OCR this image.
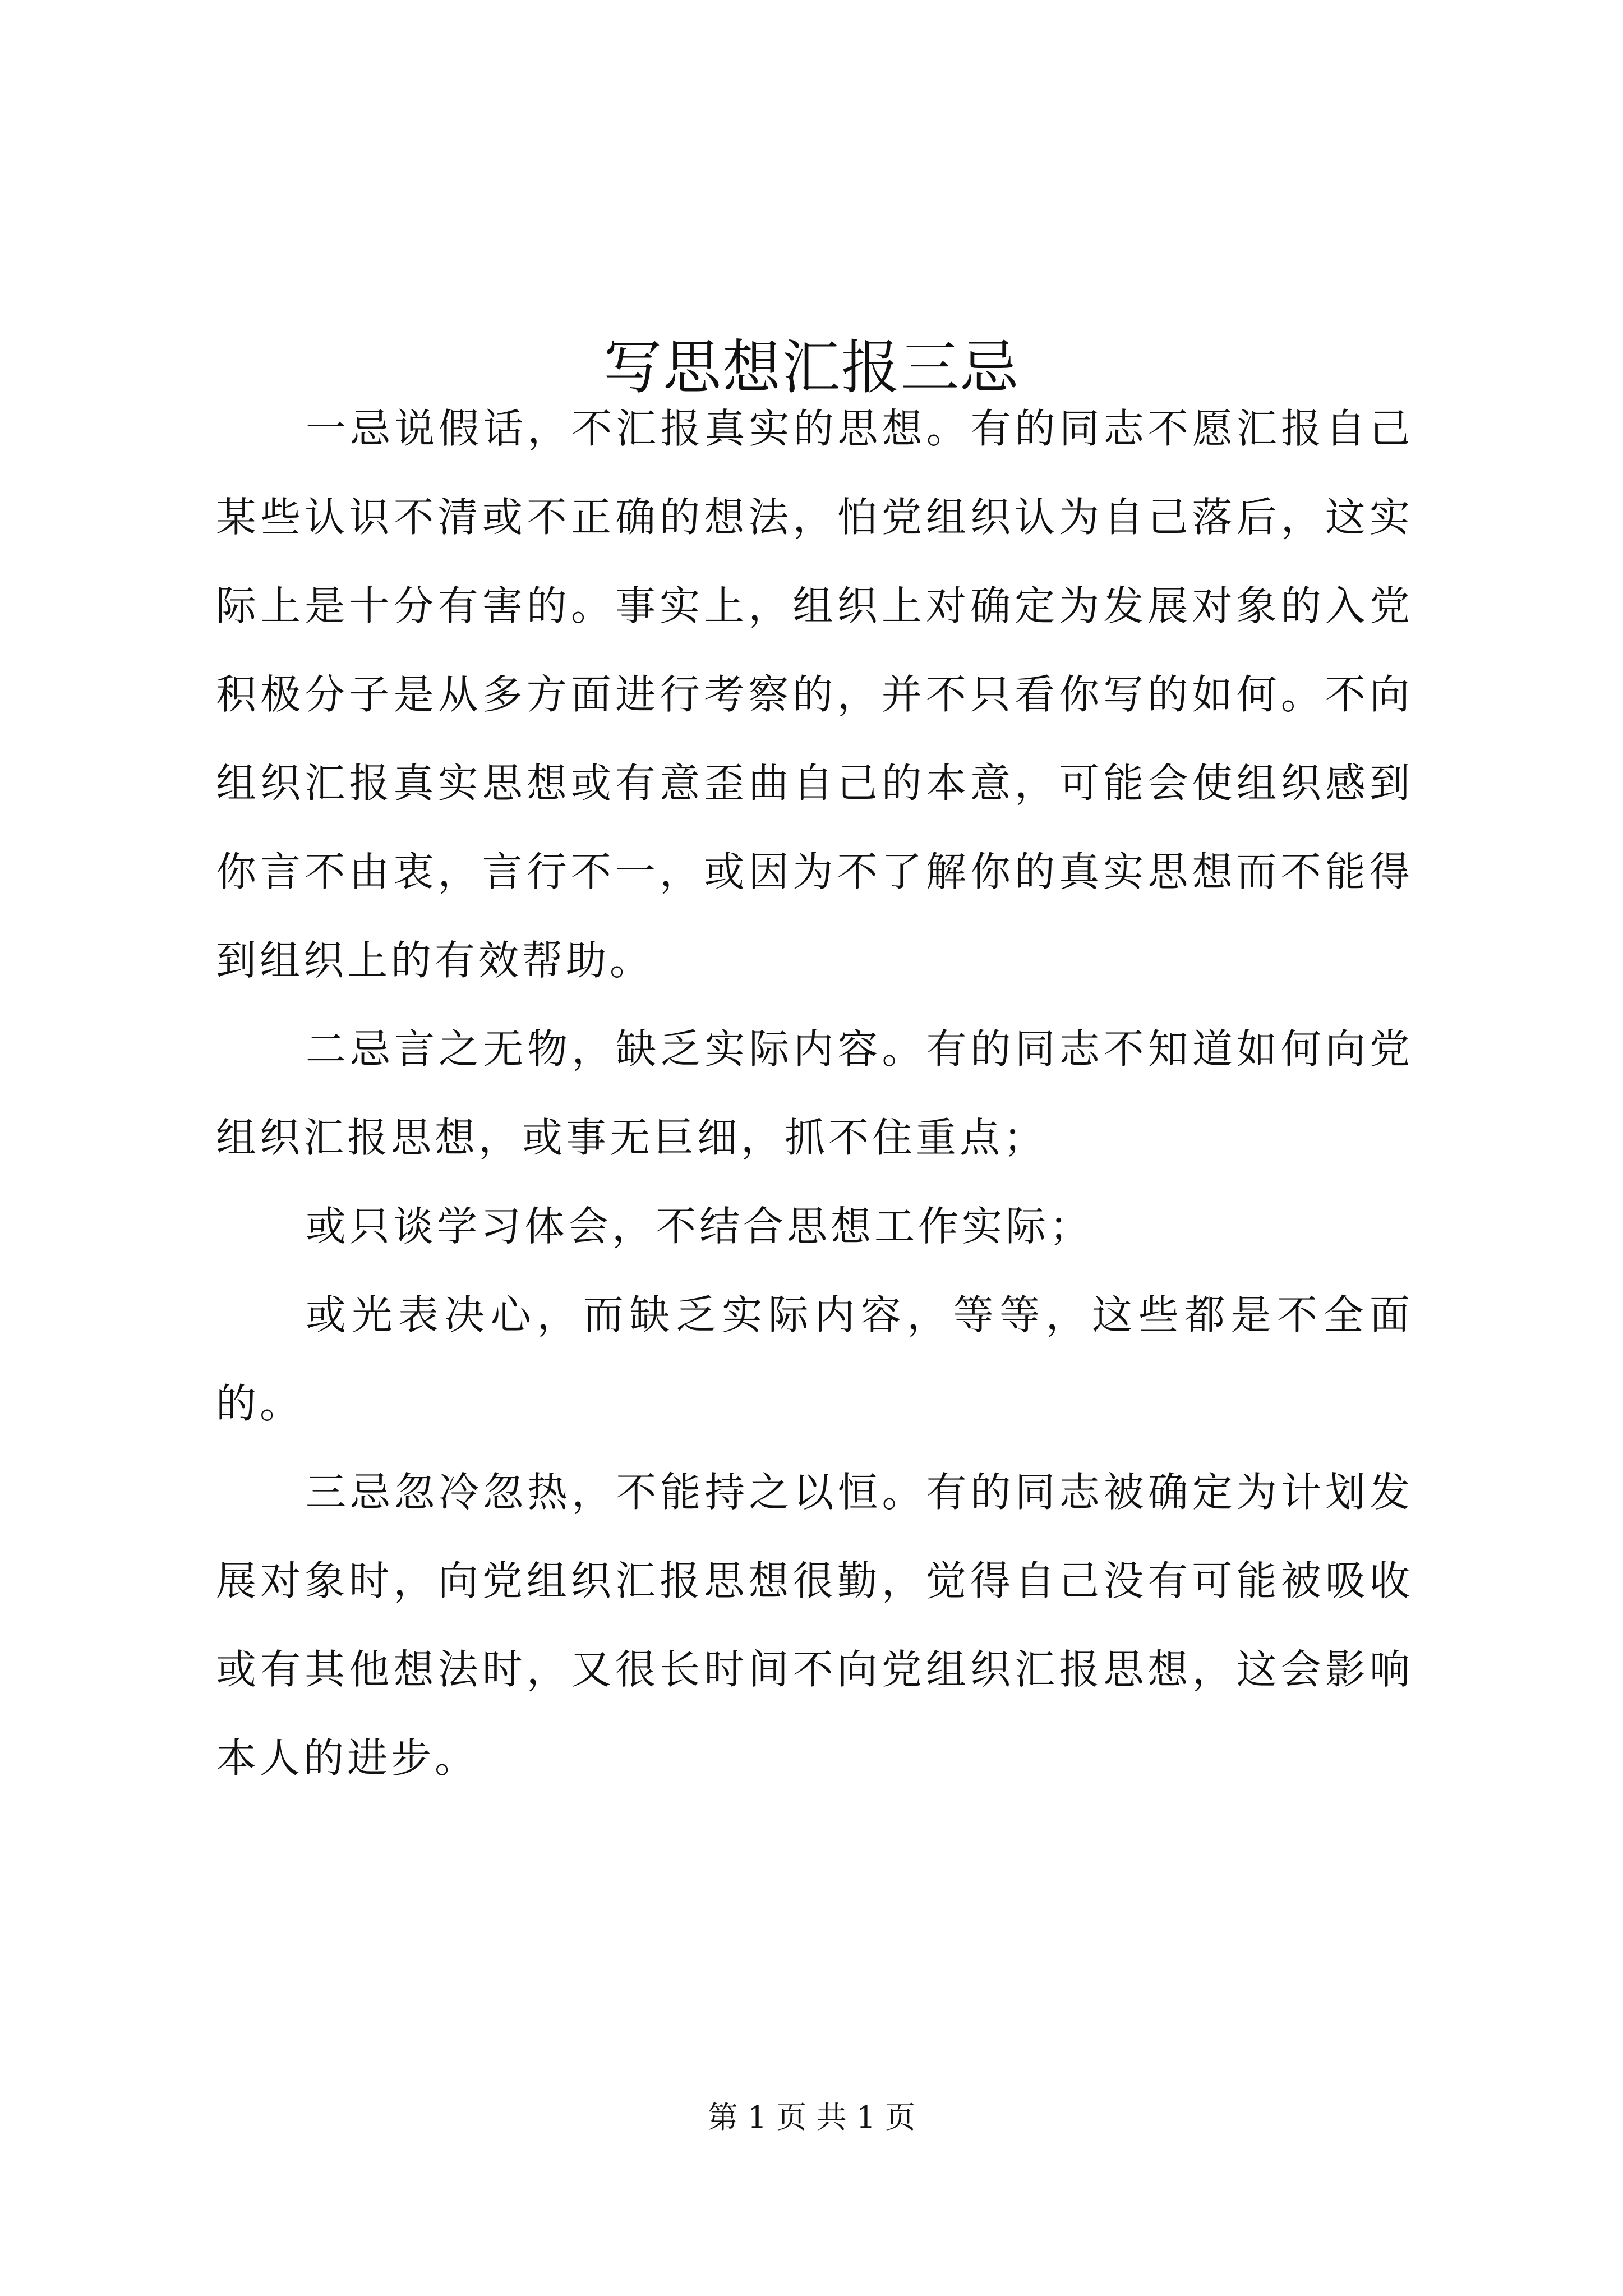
写思想汇报三忌

一忌说假话，不汇报真实的思想。有的同志不愿汇报自己某些认识不清或不正确的想法，怕党组织认为自己落后，这实际上是十分有害的。事实上，组织上对确定为发展对象的入党积极分子是从多方面进行考察的，并不只看你写的如何。不向组织汇报真实思想或有意歪曲自己的本意，可能会使组织感到你言不由衷，言行不一，或因为不了解你的真实思想而不能得到组织上的有效帮助。

二忌言之无物，缺乏实际内容。有的同志不知道如何向党组织汇报思想，或事无巨细，抓不住重点；

或只谈学习体会，不结合思想工作实际；

或光表决心，而缺乏实际内容，等等，这些都是不全面的。

三忌忽冷忽热，不能持之以恒。有的同志被确定为计划发展对象时，向党组织汇报思想很勤，觉得自己没有可能被吸收或有其他想法时，又很长时间不向党组织汇报思想，这会影响本人的进步。

第 1 页 共 1 页
